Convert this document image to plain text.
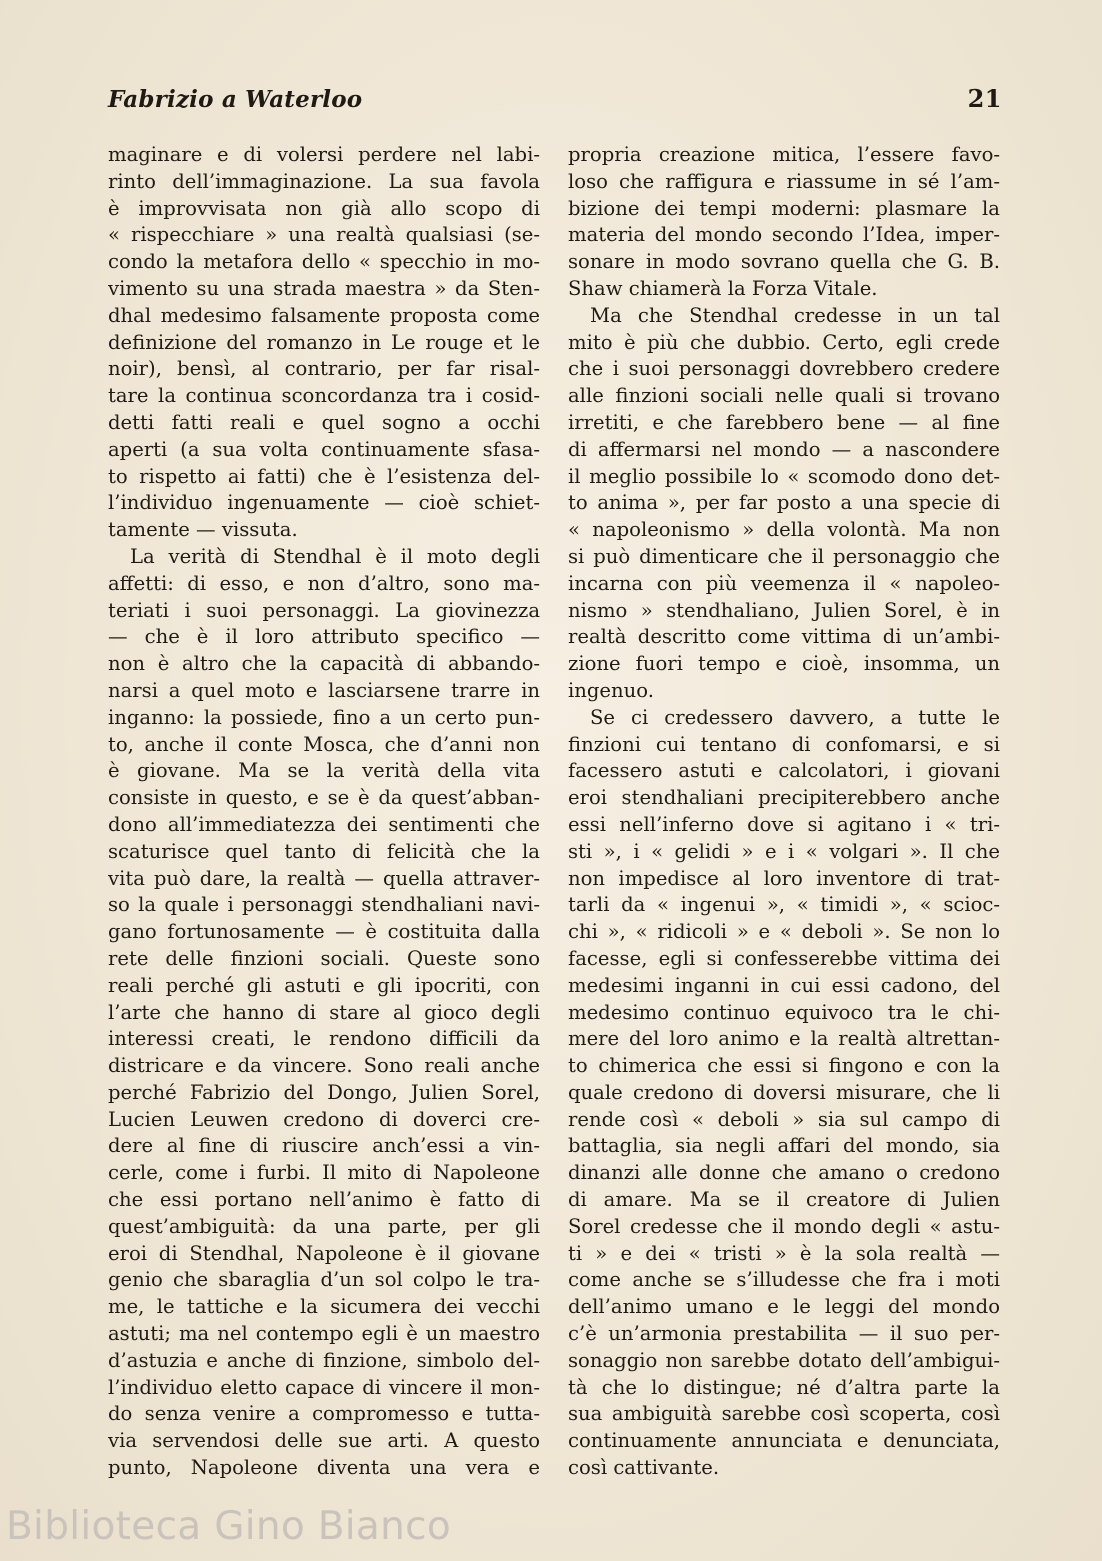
Fabrizio a Waterloo	21
maginare e di volersi perdere nel labi-
rinto dell’immaginazione. La sua favola
è improvvisata non già allo scopo di
« rispecchiare » una realtà qualsiasi (se-
condo la metafora dello « specchio in mo-
vimento su una strada maestra » da Sten-
dhal medesimo falsamente proposta come
definizione del romanzo in Le rouge et le
noir), bensì, al contrario, per far risal-
tare la continua sconcordanza tra i cosid-
detti fatti reali e quel sogno a occhi
aperti (a sua volta continuamente sfasa-
to rispetto ai fatti) che è l’esistenza del-
l’individuo ingenuamente — cioè schiet-
tamente — vissuta.
La verità di Stendhal è il moto degli
affetti: di esso, e non d’altro, sono ma-
teriati i suoi personaggi. La giovinezza
— che è il loro attributo specifico —
non è altro che la capacità di abbando-
narsi a quel moto e lasciarsene trarre in
inganno: la possiede, fino a un certo pun-
to, anche il conte Mosca, che d’anni non
è giovane. Ma se la verità della vita
consiste in questo, e se è da quest’abban-
dono all’immediatezza dei sentimenti che
scaturisce quel tanto di felicità che la
vita può dare, la realtà — quella attraver-
so la quale i personaggi stendhaliani navi-
gano fortunosamente — è costituita dalla
rete delle finzioni sociali. Queste sono
reali perché gli astuti e gli ipocriti, con
l’arte che hanno di stare al gioco degli
interessi creati, le rendono difficili da
districare e da vincere. Sono reali anche
perché Fabrizio del Dongo, Julien Sorel,
Lucien Leuwen credono di doverci cre-
dere al fine di riuscire anch’essi a vin-
cerle, come i furbi. Il mito di Napoleone
che essi portano nell’animo è fatto di
quest’ambiguità: da una parte, per gli
eroi di Stendhal, Napoleone è il giovane
genio che sbaraglia d’un sol colpo le tra-
me, le tattiche e la sicumera dei vecchi
astuti; ma nel contempo egli è un maestro
d’astuzia e anche di finzione, simbolo del-
l’individuo eletto capace di vincere il mon-
do senza venire a compromesso e tutta-
via servendosi delle sue arti. A questo
punto, Napoleone diventa una vera e
propria creazione mitica, l’essere favo-
loso che raffigura e riassume in sé l’am-
bizione dei tempi moderni: plasmare la
materia del mondo secondo l’Idea, imper-
sonare in modo sovrano quella che G. B.
Shaw chiamerà la Forza Vitale.
Ma che Stendhal credesse in un tal
mito è più che dubbio. Certo, egli crede
che i suoi personaggi dovrebbero credere
alle finzioni sociali nelle quali si trovano
irretiti, e che farebbero bene — al fine
di affermarsi nel mondo — a nascondere
il meglio possibile lo « scomodo dono det-
to anima », per far posto a una specie di
« napoleonismo » della volontà. Ma non
si può dimenticare che il personaggio che
incarna con più veemenza il « napoleo-
nismo » stendhaliano, Julien Sorel, è in
realtà descritto come vittima di un’ambi-
zione fuori tempo e cioè, insomma, un
ingenuo.
Se ci credessero davvero, a tutte le
finzioni cui tentano di confomarsi, e si
facessero astuti e calcolatori, i giovani
eroi stendhaliani precipiterebbero anche
essi nell’inferno dove si agitano i « tri-
sti », i « gelidi » e i « volgari ». Il che
non impedisce al loro inventore di trat-
tarli da « ingenui », « timidi », « scioc-
chi », « ridicoli » e « deboli ». Se non lo
facesse, egli si confesserebbe vittima dei
medesimi inganni in cui essi cadono, del
medesimo continuo equivoco tra le chi-
mere del loro animo e la realtà altrettan-
to chimerica che essi si fingono e con la
quale credono di doversi misurare, che li
rende così « deboli » sia sul campo di
battaglia, sia negli affari del mondo, sia
dinanzi alle donne che amano o credono
di amare. Ma se il creatore di Julien
Sorel credesse che il mondo degli « astu-
ti » e dei « tristi » è la sola realtà —
come anche se s’illudesse che fra i moti
dell’animo umano e le leggi del mondo
c’è un’armonia prestabilita — il suo per-
sonaggio non sarebbe dotato dell’ambigui-
tà che lo distingue; né d’altra parte la
sua ambiguità sarebbe così scoperta, così
continuamente annunciata e denunciata,
così cattivante.
Biblioteca Gino Bianco
